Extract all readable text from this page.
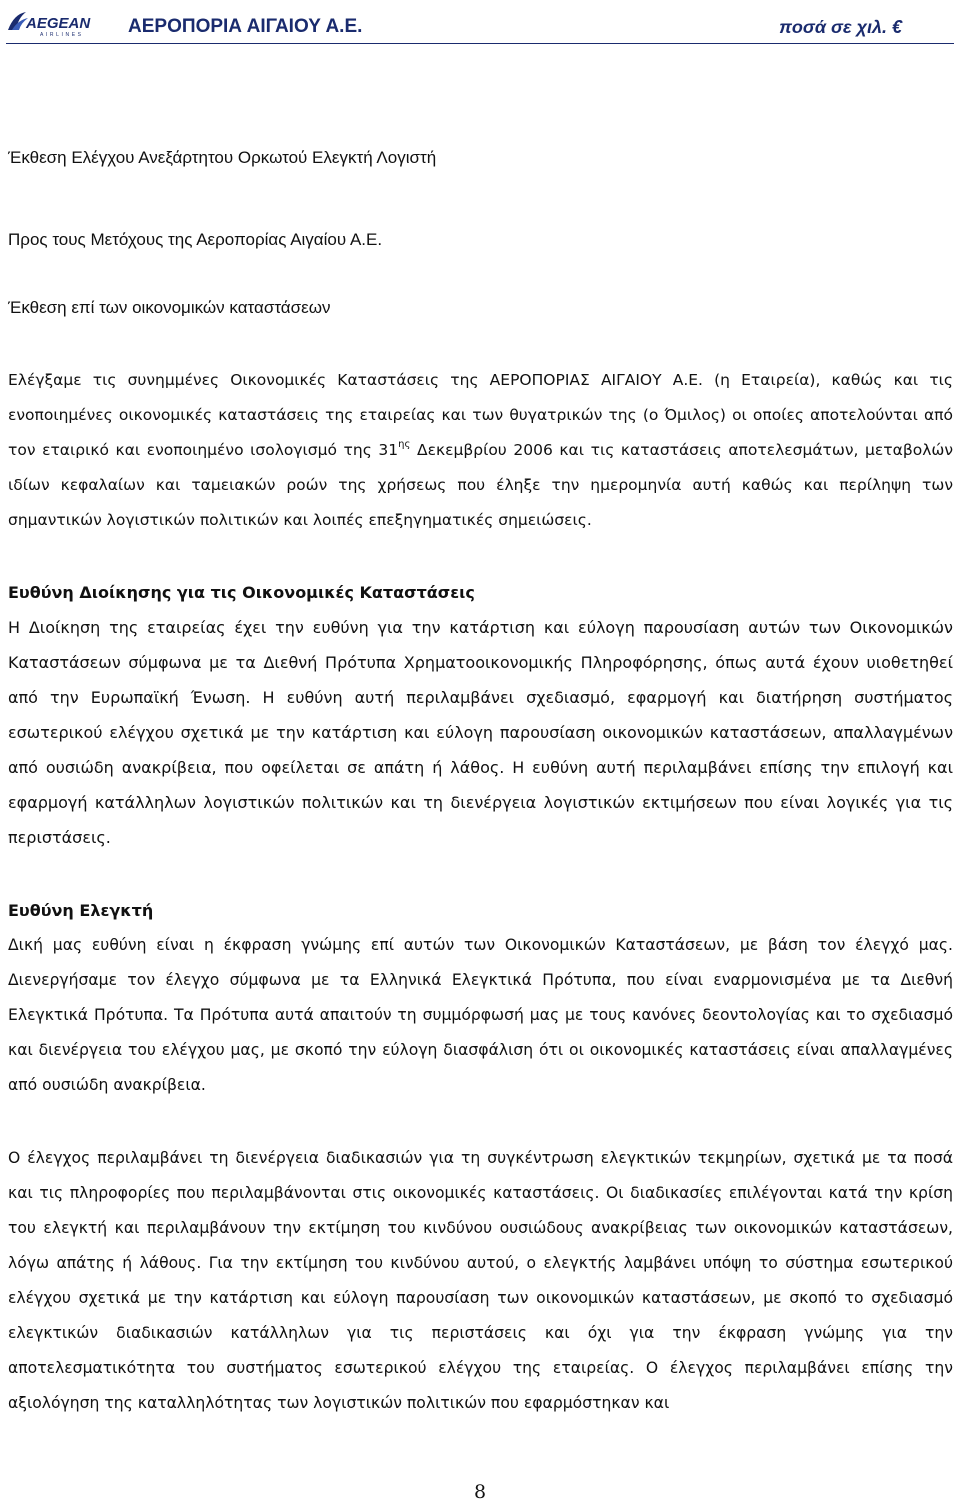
AEGEAN
AIRLINES ΑΕΡΟΠΟΡΙΑ ΑΙΓΑΙΟΥ Α.Ε.	ποσά σε χιλ. €

Έκθεση Ελέγχου Ανεξάρτητου Ορκωτού Ελεγκτή Λογιστή

Προς τους Μετόχους της Αεροπορίας Αιγαίου Α.Ε.

Έκθεση επί των οικονομικών καταστάσεων

Ελέγξαμε τις συνημμένες Οικονομικές Καταστάσεις της ΑΕΡΟΠΟΡΙΑΣ ΑΙΓΑΙΟΥ Α.Ε. (η Εταιρεία), καθώς και τις ενοποιημένες οικονομικές καταστάσεις της εταιρείας και των θυγατρικών της (ο Όμιλος) οι οποίες αποτελούνται από τον εταιρικό και ενοποιημένο ισολογισμό της $31^{\eta\varsigma}$ Δεκεμβρίου 2006 και τις καταστάσεις αποτελεσμάτων, μεταβολών ιδίων κεφαλαίων και ταμειακών ροών της χρήσεως που έληξε την ημερομηνία αυτή καθώς και περίληψη των σημαντικών λογιστικών πολιτικών και λοιπές επεξηγηματικές σημειώσεις.

Ευθύνη Διοίκησης για τις Οικονομικές Καταστάσεις

Η Διοίκηση της εταιρείας έχει την ευθύνη για την κατάρτιση και εύλογη παρουσίαση αυτών των Οικονομικών Καταστάσεων σύμφωνα με τα Διεθνή Πρότυπα Χρηματοοικονομικής Πληροφόρησης, όπως αυτά έχουν υιοθετηθεί από την Ευρωπαϊκή Ένωση. Η ευθύνη αυτή περιλαμβάνει σχεδιασμό, εφαρμογή και διατήρηση συστήματος εσωτερικού ελέγχου σχετικά με την κατάρτιση και εύλογη παρουσίαση οικονομικών καταστάσεων, απαλλαγμένων από ουσιώδη ανακρίβεια, που οφείλεται σε απάτη ή λάθος. Η ευθύνη αυτή περιλαμβάνει επίσης την επιλογή και εφαρμογή κατάλληλων λογιστικών πολιτικών και τη διενέργεια λογιστικών εκτιμήσεων που είναι λογικές για τις περιστάσεις.

Ευθύνη Ελεγκτή

Δική μας ευθύνη είναι η έκφραση γνώμης επί αυτών των Οικονομικών Καταστάσεων, με βάση τον έλεγχό μας. Διενεργήσαμε τον έλεγχο σύμφωνα με τα Ελληνικά Ελεγκτικά Πρότυπα, που είναι εναρμονισμένα με τα Διεθνή Ελεγκτικά Πρότυπα. Τα Πρότυπα αυτά απαιτούν τη συμμόρφωσή μας με τους κανόνες δεοντολογίας και το σχεδιασμό και διενέργεια του ελέγχου μας, με σκοπό την εύλογη διασφάλιση ότι οι οικονομικές καταστάσεις είναι απαλλαγμένες από ουσιώδη ανακρίβεια.

Ο έλεγχος περιλαμβάνει τη διενέργεια διαδικασιών για τη συγκέντρωση ελεγκτικών τεκμηρίων, σχετικά με τα ποσά και τις πληροφορίες που περιλαμβάνονται στις οικονομικές καταστάσεις. Οι διαδικασίες επιλέγονται κατά την κρίση του ελεγκτή και περιλαμβάνουν την εκτίμηση του κινδύνου ουσιώδους ανακρίβειας των οικονομικών καταστάσεων, λόγω απάτης ή λάθους. Για την εκτίμηση του κινδύνου αυτού, ο ελεγκτής λαμβάνει υπόψη το σύστημα εσωτερικού ελέγχου σχετικά με την κατάρτιση και εύλογη παρουσίαση των οικονομικών καταστάσεων, με σκοπό το σχεδιασμό ελεγκτικών διαδικασιών κατάλληλων για τις περιστάσεις και όχι για την έκφραση γνώμης για την αποτελεσματικότητα του συστήματος εσωτερικού ελέγχου της εταιρείας. Ο έλεγχος περιλαμβάνει επίσης την αξιολόγηση της καταλληλότητας των λογιστικών πολιτικών που εφαρμόστηκαν και

8
